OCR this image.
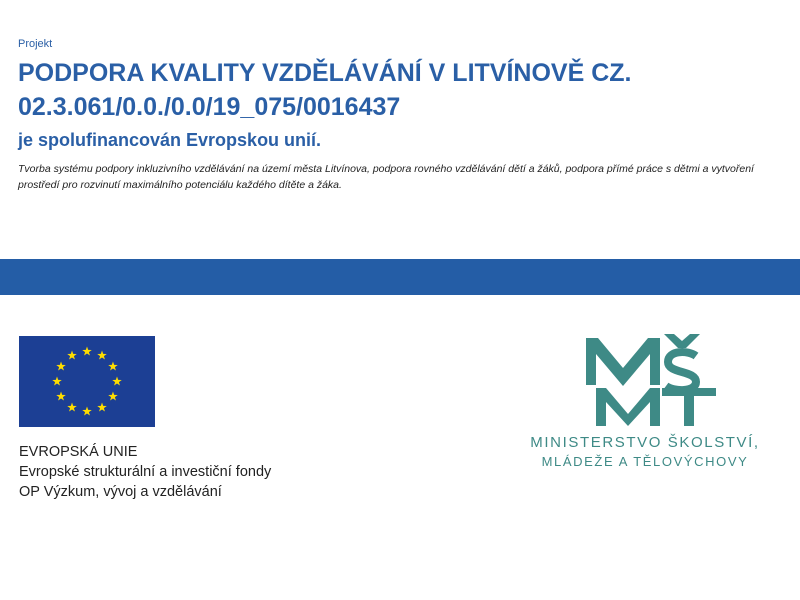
Projekt
PODPORA KVALITY VZDĚLÁVÁNÍ V LITVÍNOVĚ CZ. 02.3.061/0.0./0.0/19_075/0016437
je spolufinancován Evropskou unií.
Tvorba systému podpory inkluzivního vzdělávání na území města Litvínova, podpora rovného vzdělávání dětí a žáků, podpora přímé práce s dětmi a vytvoření prostředí pro rozvinutí maximálního potenciálu každého dítěte a žáka.
EVROPSKÁ UNIE
Evropské strukturální a investiční fondy
OP Výzkum, vývoj a vzdělávání
MINISTERSTVO ŠKOLSTVÍ,
MLÁDEŽE A TĚLOVÝCHOVY
